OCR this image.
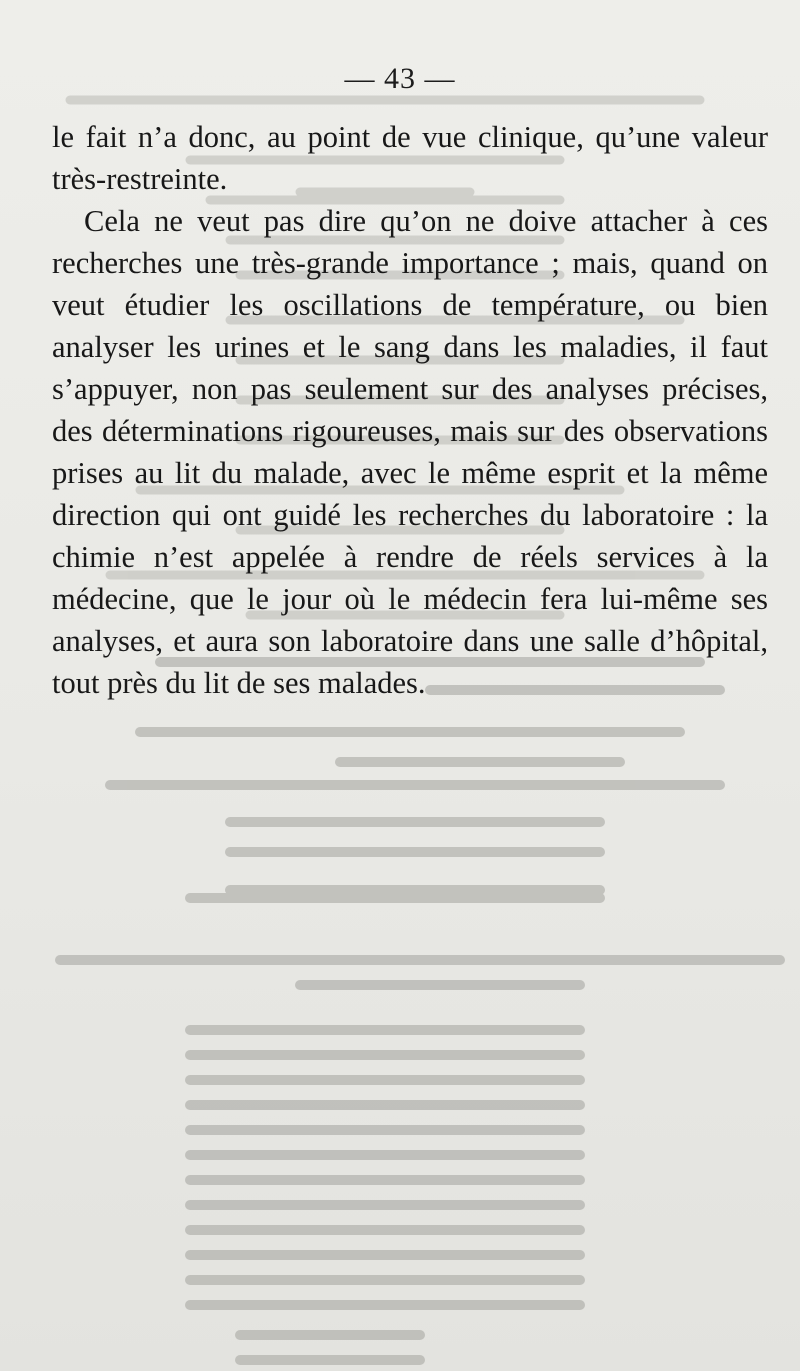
— 43 —

le fait n’a donc, au point de vue clinique, qu’une valeur très-restreinte.

Cela ne veut pas dire qu’on ne doive attacher à ces recherches une très-grande importance ; mais, quand on veut étudier les oscillations de température, ou bien analyser les urines et le sang dans les maladies, il faut s’appuyer, non pas seulement sur des analyses précises, des déterminations rigoureuses, mais sur des observations prises au lit du malade, avec le même esprit et la même direction qui ont guidé les recherches du laboratoire : la chimie n’est appelée à rendre de réels services à la médecine, que le jour où le médecin fera lui-même ses analyses, et aura son laboratoire dans une salle d’hôpital, tout près du lit de ses malades.
